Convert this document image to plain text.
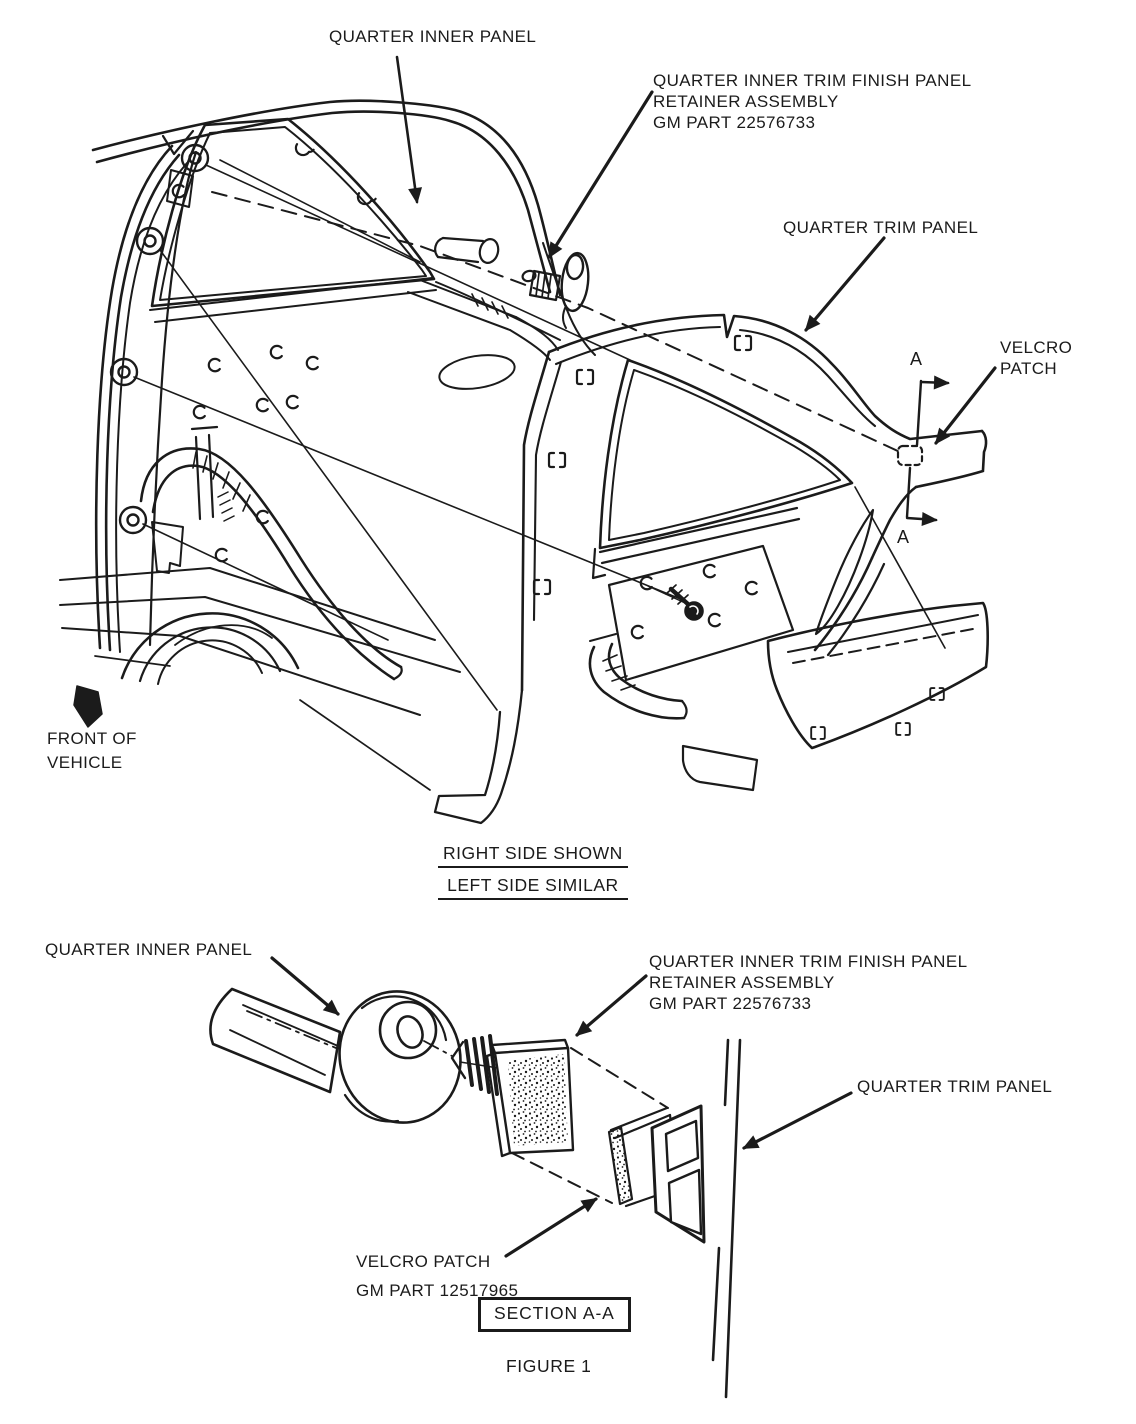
QUARTER INNER PANEL
QUARTER INNER TRIM FINISH PANEL
RETAINER ASSEMBLY
GM PART 22576733
QUARTER TRIM PANEL
VELCRO
PATCH
A
A
FRONT OF
VEHICLE
RIGHT SIDE SHOWN
LEFT SIDE SIMILAR
QUARTER INNER PANEL
QUARTER INNER TRIM FINISH PANEL
RETAINER ASSEMBLY
GM PART 22576733
QUARTER TRIM PANEL
VELCRO PATCH
GM PART 12517965
SECTION A-A
FIGURE 1
